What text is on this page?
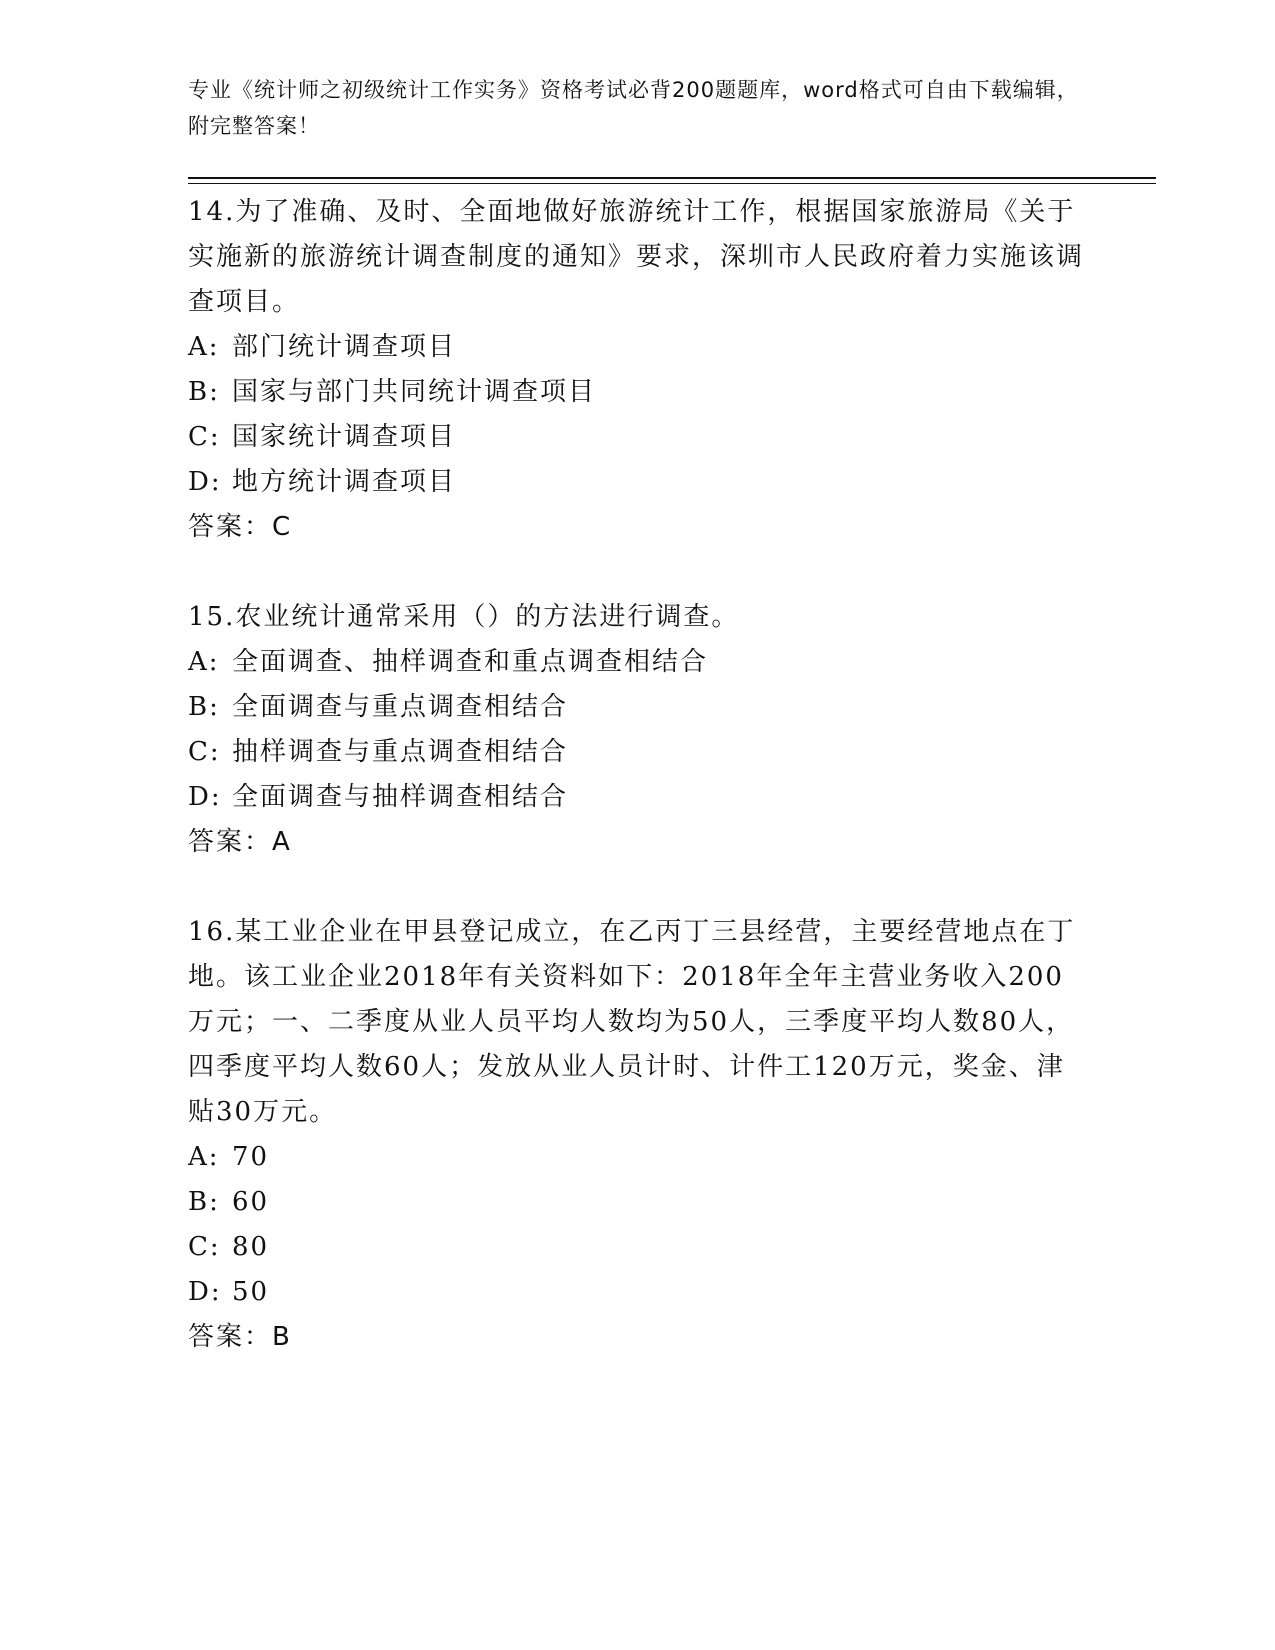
专业《统计师之初级统计工作实务》资格考试必背200题题库，word格式可自由下载编辑，附完整答案！

14.为了准确、及时、全面地做好旅游统计工作，根据国家旅游局《关于实施新的旅游统计调查制度的通知》要求，深圳市人民政府着力实施该调查项目。

A: 部门统计调查项目
B: 国家与部门共同统计调查项目
C: 国家统计调查项目
D: 地方统计调查项目

答案：C

15.农业统计通常采用（）的方法进行调查。

A: 全面调查、抽样调查和重点调查相结合
B: 全面调查与重点调查相结合
C: 抽样调查与重点调查相结合
D: 全面调查与抽样调查相结合

答案：A

16.某工业企业在甲县登记成立，在乙丙丁三县经营，主要经营地点在丁地。该工业企业2018年有关资料如下：2018年全年主营业务收入200万元；一、二季度从业人员平均人数均为50人，三季度平均人数80人，四季度平均人数60人；发放从业人员计时、计件工120万元，奖金、津贴30万元。

A: 70
B: 60
C: 80
D: 50

答案：B
